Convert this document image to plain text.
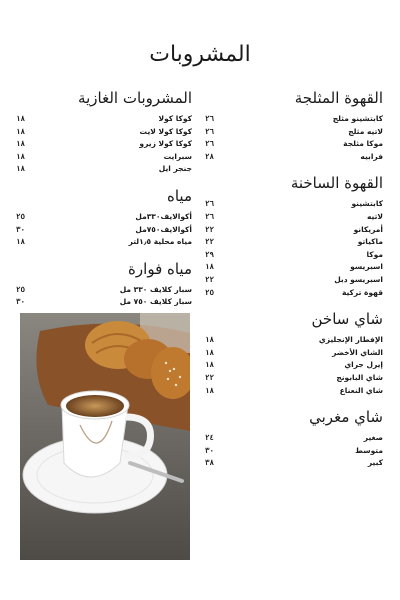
المشروبات
القهوة المثلجة
كابتشينو مثلج
٢٦
لاتيه مثلج
٢٦
موكا مثلجة
٢٦
فرابيه
٢٨
القهوة الساخنة
كابتشينو
٢٦
لاتيه
٢٦
أمريكانو
٢٢
ماكياتو
٢٢
موكا
٢٩
اسبريسو
١٨
اسبريسو دبل
٢٢
قهوة تركية
٢٥
شاي ساخن
الإفطار الإنجليزي
١٨
الشاي الأخضر
١٨
إيرل جراي
١٨
شاي البابونج
٢٢
شاي النعناع
١٨
شاي مغربي
صغير
٢٤
متوسط
٣٠
كبير
٣٨
المشروبات الغازية
كوكا كولا
١٨
كوكا كولا لايت
١٨
كوكا كولا زيرو
١٨
سبرايت
١٨
جنجر ايل
١٨
مياه
أكوالايف٣٣٠مل
٢٥
أكوالايف٧٥٠مل
٣٠
مياه محلية ١٫٥لتر
١٨
مياه فوارة
سبار كلايف ٣٣٠ مل
٢٥
سبار كلايف ٧٥٠ مل
٣٠
